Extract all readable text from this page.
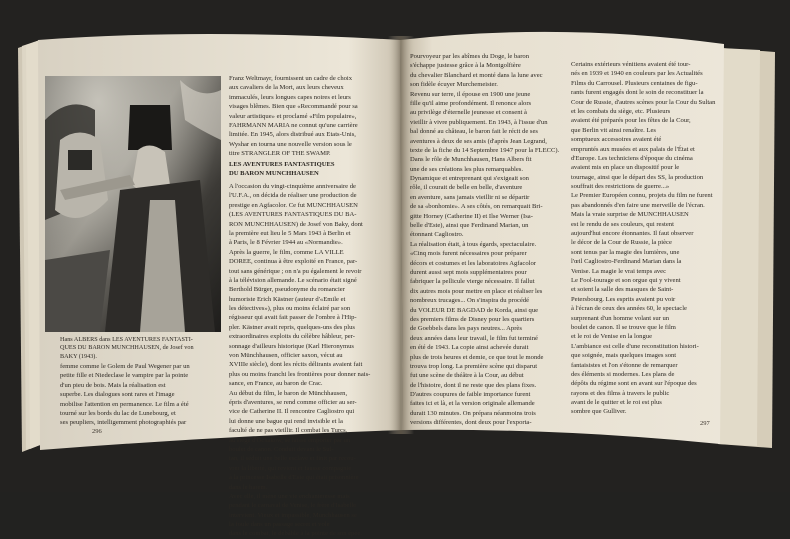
Hans ALBERS dans LES AVENTURES FANTASTI-
QUES DU BARON MUNCHHAUSEN, de Josef von
BAKY (1943).
Franz Weltmayr, fournissent un cadre de choix
aux cavaliers de la Mort, aux leurs cheveux
immaculés, leurs longues capes noires et leurs
visages blêmes. Bien que «Recommandé pour sa
valeur artistique» et proclamé «Film populaire»,
FAHRMANN MARIA ne connut qu'une carrière
limitée. En 1945, alors distribué aux Etats-Unis,
Wyshar en tourna une nouvelle version sous le
titre STRANGLER OF THE SWAMP.
LES AVENTURES FANTASTIQUES
DU BARON MUNCHHAUSEN
A l'occasion du vingt-cinquième anniversaire de
l'U.F.A., on décida de réaliser une production de
prestige en Agfacolor. Ce fut MUNCHHAUSEN
(LES AVENTURES FANTASTIQUES DU BA-
RON MUNCHHAUSEN) de Josef von Baky, dont
la première eut lieu le 5 Mars 1943 à Berlin et
à Paris, le 8 Février 1944 au «Normandie».
Après la guerre, le film, comme LA VILLE
DOREE, continua à être exploité en France, par-
tout sans générique ; on n'a pu également le revoir
à la télévision allemande. Le scénario était signé
Berthold Bürger, pseudonyme du romancier
humoriste Erich Kästner (auteur d'«Emile et
les détectives»), plus ou moins éclairé par son
régisseur qui avait fait passer de l'ombre à l'Hip-
pler. Kästner avait repris, quelques-uns des plus
extraordinaires exploits du célèbre hâbleur, per-
sonnage d'ailleurs historique (Karl Hieronymus
von Münchhausen, officier saxon, vécut au
XVIIIe siècle), dont les récits délirants avaient fait
plus ou moins franchi les frontières pour donner nais-
sance, en France, au baron de Crac.
Au début du film, le baron de Münchhausen,
épris d'aventures, se rend comme officier au ser-
vice de Catherine II. Il rencontre Cagliostro qui
lui donne une bague qui rend invisible et la
faculté de ne pas vieillir. Il combat les Turcs,
au siège d'Ochakow, se laisse emporter par un
boulet de canon. Conduit devant le Sul-
tan, il séduit une belle esclave et finit par recou-
vrer la liberté, qui revient et fausse compagnie
à la princesse Isabelle d'Este qui était prisonnière
dans le harem.
Avec elle, il mène une vie enchanteresse mais
pendant le carnaval de Venise, le frère d'Isabelle
intervient. Vieux et impassible, Munchhausen se
la foule dans un passage secret et vole
dans le combat, le débâble à la pointe de son épée.
femme comme le Golem de Paul Wegener par un
petite fille et Niedeclase le vampire par la pointe
d'un pieu de bois. Mais la réalisation est
superbe. Les dialogues sont rares et l'image
mobilise l'attention en permanence. Le film a été
tourné sur les bords du lac de Lunebourg, et
ses peupliers, intelligemment photographiés par
296
Pourvoyeur par les abîmes du Doge, le baron
s'échappe justesse grâce à la Montgolfière
du chevalier Blanchard et monté dans la lune avec
son fidèle écuyer Murchemeister.
Revenu sur terre, il épouse en 1900 une jeune
fille qu'il aime profondément. Il renonce alors
au privilège d'éternelle jeunesse et consent à
vieillir à vivre publiquement. En 1943, à l'issue d'un
bal donné au château, le baron fait le récit de ses
aventures à deux de ses amis (d'après Jean Legrand,
texte de la fiche du 14 Septembre 1947 pour la FLECC).
Dans le rôle de Munchhausen, Hans Albers fit
une de ses créations les plus remarquables.
Dynamique et entreprenant qui s'exigeait son
rôle, il courait de belle en belle, d'aventure
en aventure, sans jamais vieillir ni se départir
de sa «bonhomie». A ses côtés, on remarquait Bri-
gitte Horney (Catherine II) et Ilse Werner (Isa-
belle d'Este), ainsi que Ferdinand Marian, un
étonnant Cagliostro.
La réalisation était, à tous égards, spectaculaire.
«Cinq mois furent nécessaires pour préparer
décors et costumes et les laboratoires Agfacolor
durent aussi sept mois supplémentaires pour
fabriquer la pellicule vierge nécessaire. Il fallut
dix autres mois pour mettre en place et réaliser les
nombreux trucages... On s'inspira du procédé
du VOLEUR DE BAGDAD de Korda, ainsi que
des premiers films de Disney pour les quartiers
de Goebbels dans les pays neutres... Après
deux années dans leur travail, le film fut terminé
en été de 1943. La copie ainsi achevée durait
plus de trois heures et demie, ce que tout le monde
trouva trop long. La première scène qui disparut
fut une scène de théâtre à la Cour, au début
de l'histoire, dont il ne reste que des plans fixes.
D'autres coupures de faible importance furent
faites ici et là, et la version originale allemande
durait 130 minutes. On prépara néanmoins trois
versions différentes, dont deux pour l'exporta-
Certains extérieurs vénitiens avaient été tour-
nés en 1939 et 1940 en couleurs par les Actualités
Films du Carrousel. Plusieurs centaines de figu-
rants furent engagés dont le soin de reconstituer la
Cour de Russie, d'autres scènes pour la Cour du Sultan
et les combats du siège, etc. Plusieurs
avaient été préparés pour les fêtes de la Cour,
que Berlin vit ainsi renaître. Les
somptueux accessoires avaient été
empruntés aux musées et aux palais de l'État et
d'Europe. Les techniciens d'époque du cinéma
avaient mis en place un dispositif pour le
tournage, ainsi que le départ des SS, la production
souffrait des restrictions de guerre...»
Le Premier Européen connu, projets du film ne furent
pas abandonnés d'en faire une merveille de l'écran.
Mais la vraie surprise de MUNCHHAUSEN
est le rendu de ses couleurs, qui restent
aujourd'hui encore étonnantes. Il faut observer
le décor de la Cour de Russie, la pièce
sont tenus par la magie des lumières, une
l'œil Cagliostro-Ferdinand Marian dans la
Venise. La magie le vrai temps avec
Le Fool-tourage et son orgue qui y vivent
et soient la salle des masques de Saint-
Petersbourg. Les esprits avaient pu voir
à l'écran de ceux des années 60, le spectacle
surprenant d'un homme volant sur un
boulet de canon. Il se trouve que le film
et le roi de Venise en la longue
L'ambiance est celle d'une reconstitution histori-
que soignée, mais quelques images sont
fantaisistes et l'on s'étonne de remarquer
des éléments si modernes. Les plans de
dépôts du régime sont en avant sur l'époque des
rayons et des films à travers le public
avant de le quitter et le roi est plus
sombre que Gulliver.
297
